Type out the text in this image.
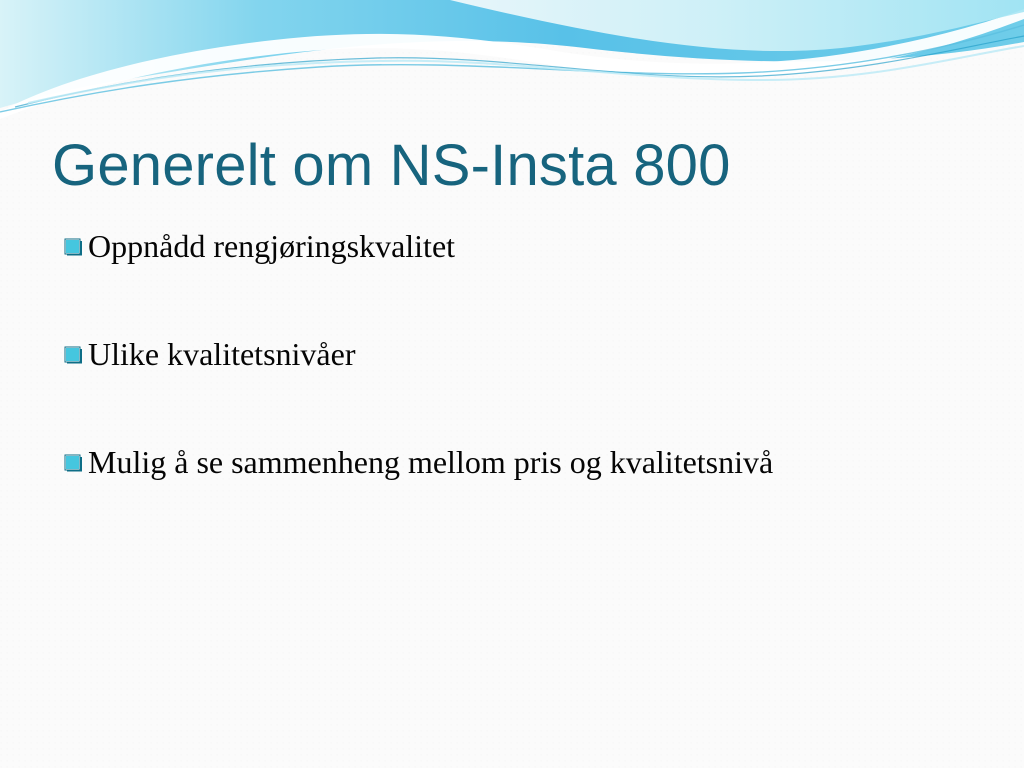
Generelt om NS-Insta 800
Oppnådd rengjøringskvalitet
Ulike kvalitetsnivåer
Mulig å se sammenheng mellom pris og kvalitetsnivå
